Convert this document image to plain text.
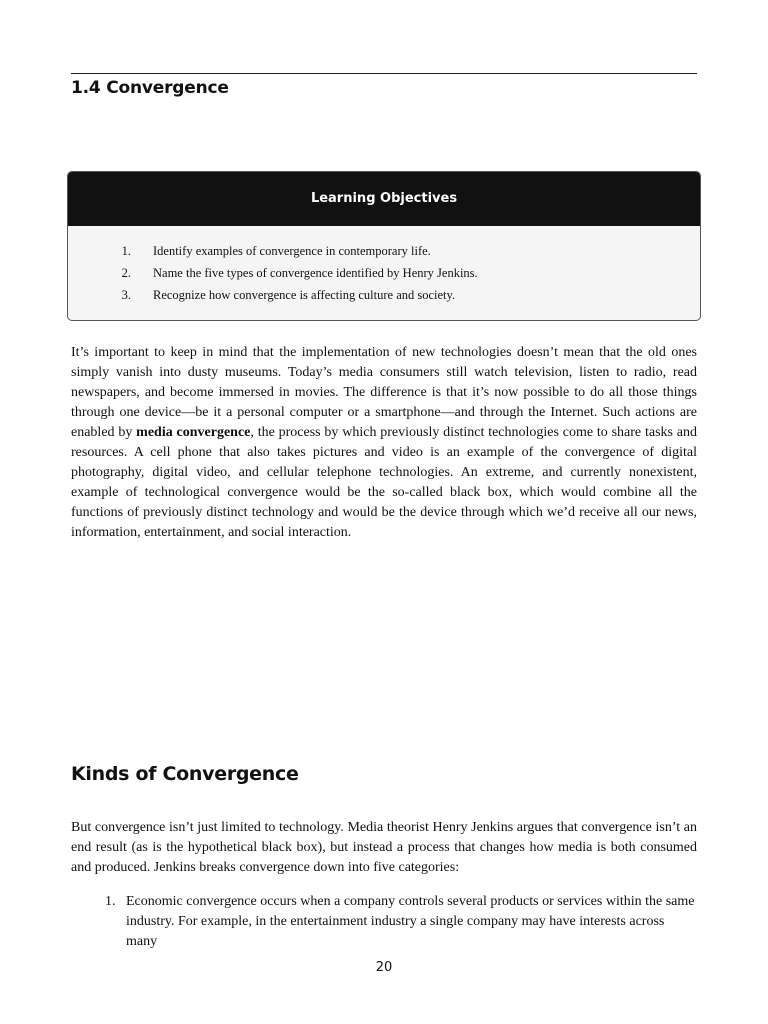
1.4 Convergence
Learning Objectives
1.	Identify examples of convergence in contemporary life.
2.	Name the five types of convergence identified by Henry Jenkins.
3.	Recognize how convergence is affecting culture and society.

It’s important to keep in mind that the implementation of new technologies doesn’t mean that the old ones simply vanish into dusty museums. Today’s media consumers still watch television, listen to radio, read newspapers, and become immersed in movies. The difference is that it’s now possible to do all those things through one device—be it a personal computer or a smartphone—and through the Internet. Such actions are enabled by media convergence, the process by which previously distinct technologies come to share tasks and resources. A cell phone that also takes pictures and video is an example of the convergence of digital photography, digital video, and cellular telephone technologies. An extreme, and currently nonexistent, example of technological convergence would be the so-called black box, which would combine all the functions of previously distinct technology and would be the device through which we’d receive all our news, information, entertainment, and social interaction.

Kinds of Convergence

But convergence isn’t just limited to technology. Media theorist Henry Jenkins argues that convergence isn’t an end result (as is the hypothetical black box), but instead a process that changes how media is both consumed and produced. Jenkins breaks convergence down into five categories:

1. Economic convergence occurs when a company controls several products or services within the same industry. For example, in the entertainment industry a single company may have interests across many
20
